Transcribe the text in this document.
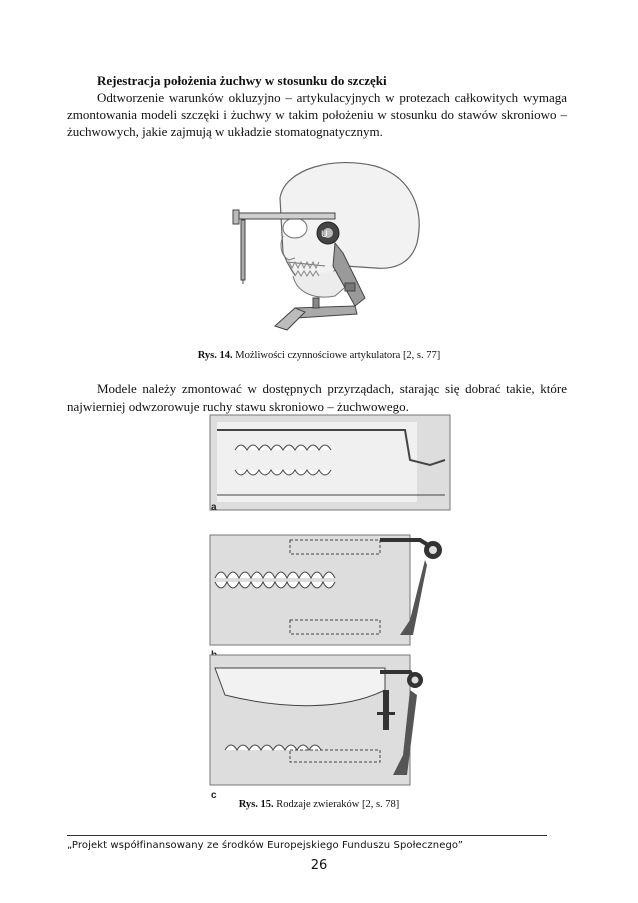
Rejestracja położenia żuchwy w stosunku do szczęki

Odtworzenie warunków okluzyjno – artykulacyjnych w protezach całkowitych wymaga zmontowania modeli szczęki i żuchwy w takim położeniu w stosunku do stawów skroniowo – żuchwowych, jakie zajmują w układzie stomatognatycznym.

U
Rys. 14. Możliwości czynnościowe artykulatora [2, s. 77]

Modele należy zmontować w dostępnych przyrządach, starając się dobrać takie, które najwierniej odwzorowuje ruchy stawu skroniowo – żuchwowego.

a
c
Rys. 15. Rodzaje zwieraków [2, s. 78]
„Projekt współfinansowany ze środków Europejskiego Funduszu Społecznego”
26
